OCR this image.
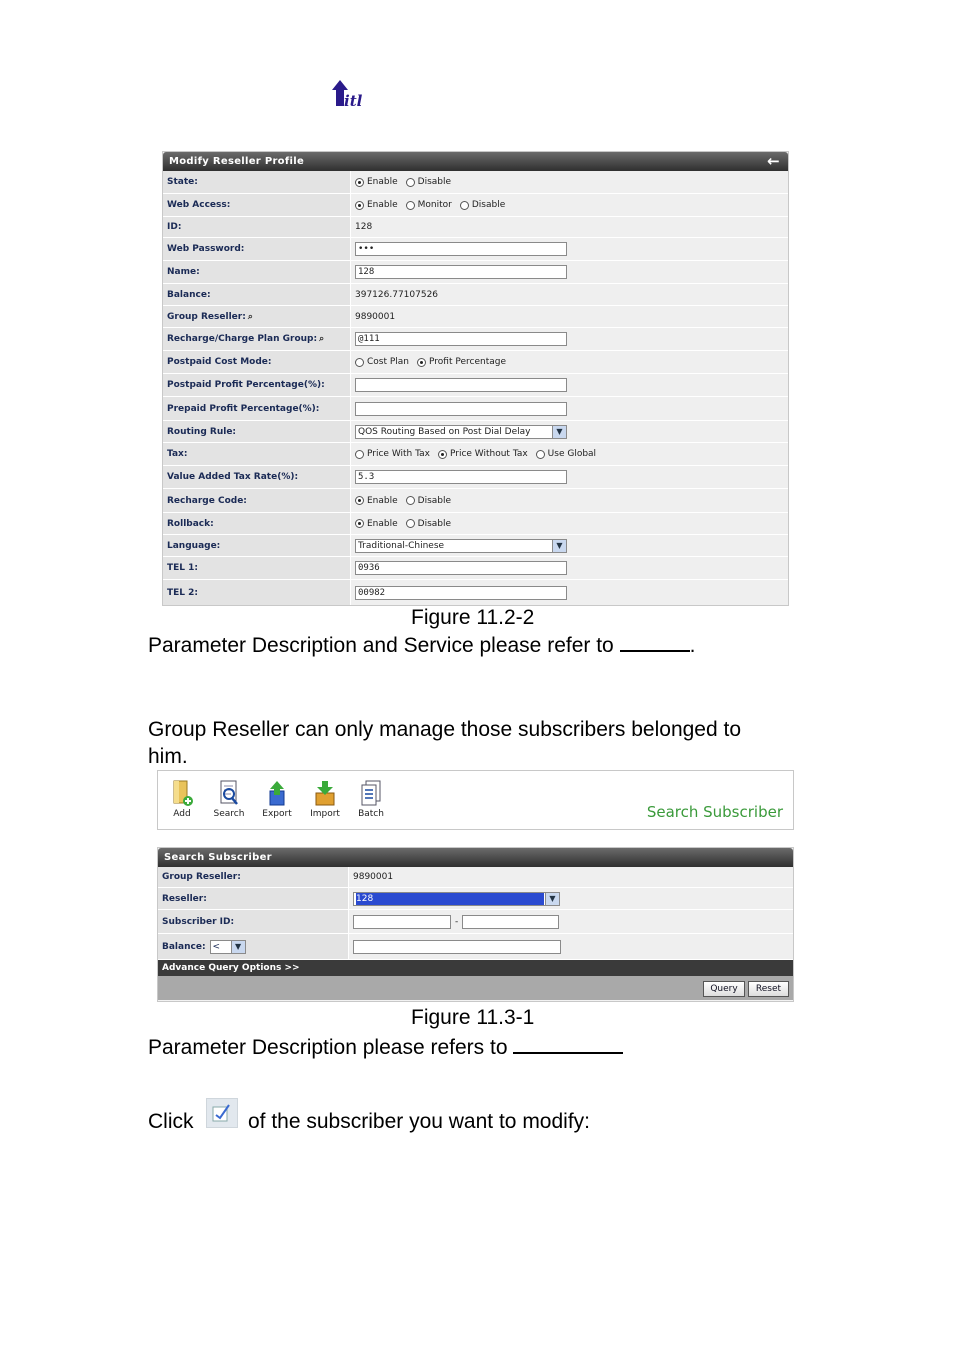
itl
Modify Reseller Profile	←
State:	Enable Disable
Web Access:	Enable Monitor Disable
ID:	128
Web Password:	•••
Name:	128
Balance:	397126.77107526
Group Reseller: ⌕	9890001
Recharge/Charge Plan Group: ⌕	@111
Postpaid Cost Mode:	Cost Plan Profit Percentage
Postpaid Profit Percentage(%):
Prepaid Profit Percentage(%):
Routing Rule:	QOS Routing Based on Post Dial Delay	▼
Tax:	Price With Tax Price Without Tax Use Global
Value Added Tax Rate(%):	5.3
Recharge Code:	Enable Disable
Rollback:	Enable Disable
Language:	Traditional-Chinese	▼
TEL 1:	0936
TEL 2:	00982
Figure 11.2-2
Parameter Description and Service please refer to	.
Group Reseller can only manage those subscribers belonged to
him.
Add	Search	Export	Import	Batch	Search Subscriber
Search Subscriber
Group Reseller:	9890001
Reseller:	128	▼
Subscriber ID:	-
Balance: <	▼
Advance Query Options >>
Query	Reset
Figure 11.3-1
Parameter Description please refers to
Click	of the subscriber you want to modify:
